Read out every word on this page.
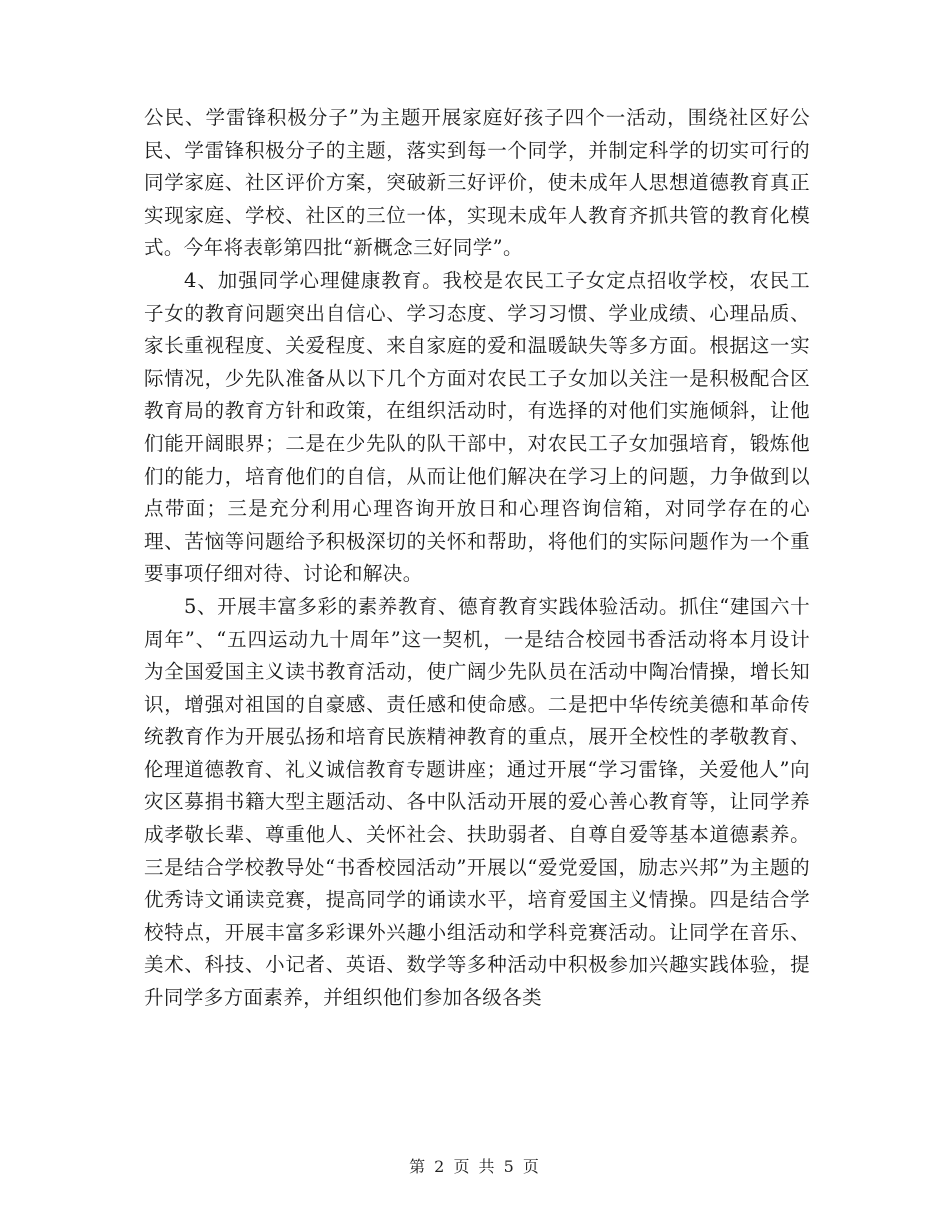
公民、学雷锋积极分子”为主题开展家庭好孩子四个一活动，围绕社区好公民、学雷锋积极分子的主题，落实到每一个同学，并制定科学的切实可行的同学家庭、社区评价方案，突破新三好评价，使未成年人思想道德教育真正实现家庭、学校、社区的三位一体，实现未成年人教育齐抓共管的教育化模式。今年将表彰第四批“新概念三好同学”。

4、加强同学心理健康教育。我校是农民工子女定点招收学校，农民工子女的教育问题突出自信心、学习态度、学习习惯、学业成绩、心理品质、家长重视程度、关爱程度、来自家庭的爱和温暖缺失等多方面。根据这一实际情况，少先队准备从以下几个方面对农民工子女加以关注一是积极配合区教育局的教育方针和政策，在组织活动时，有选择的对他们实施倾斜，让他们能开阔眼界；二是在少先队的队干部中，对农民工子女加强培育，锻炼他们的能力，培育他们的自信，从而让他们解决在学习上的问题，力争做到以点带面；三是充分利用心理咨询开放日和心理咨询信箱，对同学存在的心理、苦恼等问题给予积极深切的关怀和帮助，将他们的实际问题作为一个重要事项仔细对待、讨论和解决。

5、开展丰富多彩的素养教育、德育教育实践体验活动。抓住“建国六十周年”、“五四运动九十周年”这一契机，一是结合校园书香活动将本月设计为全国爱国主义读书教育活动，使广阔少先队员在活动中陶冶情操，增长知识，增强对祖国的自豪感、责任感和使命感。二是把中华传统美德和革命传统教育作为开展弘扬和培育民族精神教育的重点，展开全校性的孝敬教育、伦理道德教育、礼义诚信教育专题讲座；通过开展“学习雷锋，关爱他人”向灾区募捐书籍大型主题活动、各中队活动开展的爱心善心教育等，让同学养成孝敬长辈、尊重他人、关怀社会、扶助弱者、自尊自爱等基本道德素养。三是结合学校教导处“书香校园活动”开展以“爱党爱国，励志兴邦”为主题的优秀诗文诵读竞赛，提高同学的诵读水平，培育爱国主义情操。四是结合学校特点，开展丰富多彩课外兴趣小组活动和学科竞赛活动。让同学在音乐、美术、科技、小记者、英语、数学等多种活动中积极参加兴趣实践体验，提升同学多方面素养，并组织他们参加各级各类

第 2 页 共 5 页
